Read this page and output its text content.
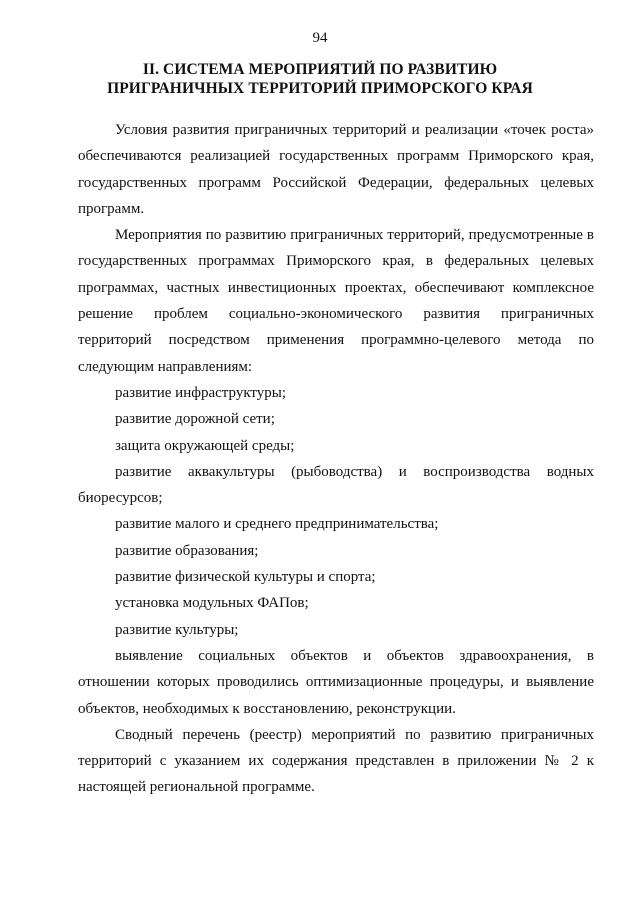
94
II. СИСТЕМА МЕРОПРИЯТИЙ ПО РАЗВИТИЮ
ПРИГРАНИЧНЫХ ТЕРРИТОРИЙ ПРИМОРСКОГО КРАЯ

Условия развития приграничных территорий и реализации «точек роста» обеспечиваются реализацией государственных программ Приморского края, государственных программ Российской Федерации, федеральных целевых программ.

Мероприятия по развитию приграничных территорий, предусмотренные в государственных программах Приморского края, в федеральных целевых программах, частных инвестиционных проектах, обеспечивают комплексное решение проблем социально-экономического развития приграничных территорий посредством применения программно-целевого метода по следующим направлениям:

развитие инфраструктуры;

развитие дорожной сети;

защита окружающей среды;

развитие аквакультуры (рыбоводства) и воспроизводства водных биоресурсов;

развитие малого и среднего предпринимательства;

развитие образования;

развитие физической культуры и спорта;

установка модульных ФАПов;

развитие культуры;

выявление социальных объектов и объектов здравоохранения, в отношении которых проводились оптимизационные процедуры, и выявление объектов, необходимых к восстановлению, реконструкции.

Сводный перечень (реестр) мероприятий по развитию приграничных территорий с указанием их содержания представлен в приложении № 2 к настоящей региональной программе.
